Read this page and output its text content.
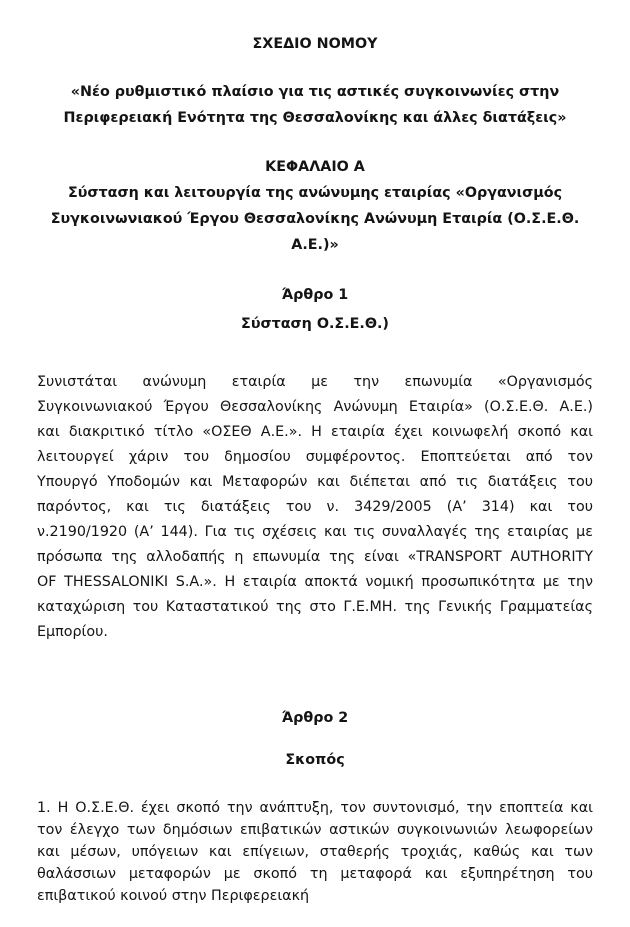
ΣΧΕΔΙΟ ΝΟΜΟΥ
«Νέο ρυθμιστικό πλαίσιο για τις αστικές συγκοινωνίες στην
Περιφερειακή Ενότητα της Θεσσαλονίκης και άλλες διατάξεις»
ΚΕΦΑΛΑΙΟ Α
Σύσταση και λειτουργία της ανώνυμης εταιρίας «Οργανισμός
Συγκοινωνιακού Έργου Θεσσαλονίκης Ανώνυμη Εταιρία (Ο.Σ.Ε.Θ.
Α.Ε.)»
Άρθρο 1
Σύσταση Ο.Σ.Ε.Θ.)
Συνιστάται ανώνυμη εταιρία με την επωνυμία «Οργανισμός
Συγκοινωνιακού Έργου Θεσσαλονίκης Ανώνυμη Εταιρία» (Ο.Σ.Ε.Θ. Α.Ε.)
και διακριτικό τίτλο «ΟΣΕΘ Α.Ε.». Η εταιρία έχει κοινωφελή σκοπό και
λειτουργεί χάριν του δημοσίου συμφέροντος. Εποπτεύεται από τον
Υπουργό Υποδομών και Μεταφορών και διέπεται από τις διατάξεις του
παρόντος, και τις διατάξεις του ν. 3429/2005 (Α’ 314) και του
ν.2190/1920 (Α’ 144). Για τις σχέσεις και τις συναλλαγές της εταιρίας με
πρόσωπα της αλλοδαπής η επωνυμία της είναι «TRANSPORT AUTHORITY
OF THESSALONIKI S.A.». Η εταιρία αποκτά νομική προσωπικότητα με την
καταχώριση του Καταστατικού της στο Γ.Ε.ΜΗ. της Γενικής Γραμματείας
Εμπορίου.
Άρθρο 2
Σκοπός
1. Η Ο.Σ.Ε.Θ. έχει σκοπό την ανάπτυξη, τον συντονισμό, την εποπτεία και
τον έλεγχο των δημόσιων επιβατικών αστικών συγκοινωνιών λεωφορείων
και μέσων, υπόγειων και επίγειων, σταθερής τροχιάς, καθώς και των
θαλάσσιων μεταφορών με σκοπό τη μεταφορά και εξυπηρέτηση του
επιβατικού κοινού στην Περιφερειακή
